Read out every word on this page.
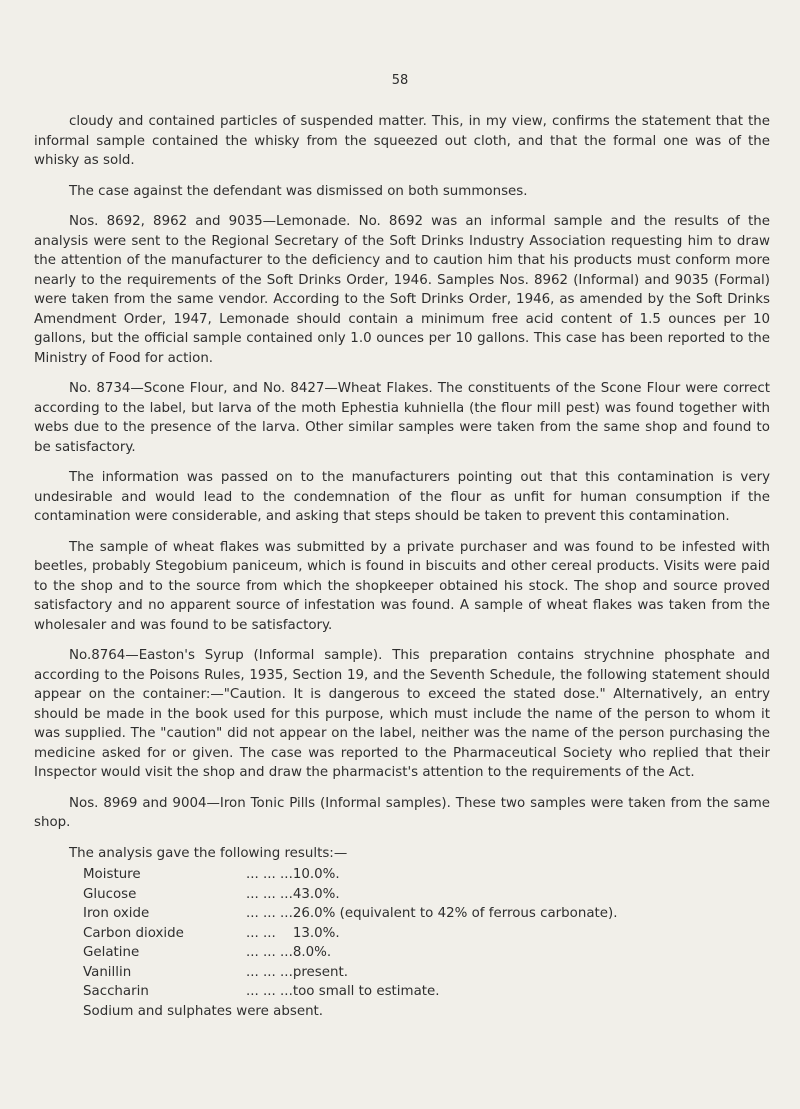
58

cloudy and contained particles of suspended matter. This, in my view, confirms the statement that the informal sample contained the whisky from the squeezed out cloth, and that the formal one was of the whisky as sold.

The case against the defendant was dismissed on both summonses.

Nos. 8692, 8962 and 9035—Lemonade. No. 8692 was an informal sample and the results of the analysis were sent to the Regional Secretary of the Soft Drinks Industry Association requesting him to draw the attention of the manufacturer to the deficiency and to caution him that his products must conform more nearly to the requirements of the Soft Drinks Order, 1946. Samples Nos. 8962 (Informal) and 9035 (Formal) were taken from the same vendor. According to the Soft Drinks Order, 1946, as amended by the Soft Drinks Amendment Order, 1947, Lemonade should contain a minimum free acid content of 1.5 ounces per 10 gallons, but the official sample contained only 1.0 ounces per 10 gallons. This case has been reported to the Ministry of Food for action.

No. 8734—Scone Flour, and No. 8427—Wheat Flakes. The constituents of the Scone Flour were correct according to the label, but larva of the moth Ephestia kuhniella (the flour mill pest) was found together with webs due to the presence of the larva. Other similar samples were taken from the same shop and found to be satisfactory.

The information was passed on to the manufacturers pointing out that this contamination is very undesirable and would lead to the condemnation of the flour as unfit for human consumption if the contamination were considerable, and asking that steps should be taken to prevent this contamination.

The sample of wheat flakes was submitted by a private purchaser and was found to be infested with beetles, probably Stegobium paniceum, which is found in biscuits and other cereal products. Visits were paid to the shop and to the source from which the shopkeeper obtained his stock. The shop and source proved satisfactory and no apparent source of infestation was found. A sample of wheat flakes was taken from the wholesaler and was found to be satisfactory.

No.8764—Easton's Syrup (Informal sample). This preparation contains strychnine phosphate and according to the Poisons Rules, 1935, Section 19, and the Seventh Schedule, the following statement should appear on the container:—"Caution. It is dangerous to exceed the stated dose." Alternatively, an entry should be made in the book used for this purpose, which must include the name of the person to whom it was supplied. The "caution" did not appear on the label, neither was the name of the person purchasing the medicine asked for or given. The case was reported to the Pharmaceutical Society who replied that their Inspector would visit the shop and draw the pharmacist's attention to the requirements of the Act.

Nos. 8969 and 9004—Iron Tonic Pills (Informal samples). These two samples were taken from the same shop.

The analysis gave the following results:—
Moisture	... ... ...	10.0%.
Glucose	... ... ...	43.0%.
Iron oxide	... ... ...	26.0% (equivalent to 42% of ferrous carbonate).
Carbon dioxide	... ...	13.0%.
Gelatine	... ... ...	8.0%.
Vanillin	... ... ...	present.
Saccharin	... ... ...	too small to estimate.
Sodium and sulphates were absent.
